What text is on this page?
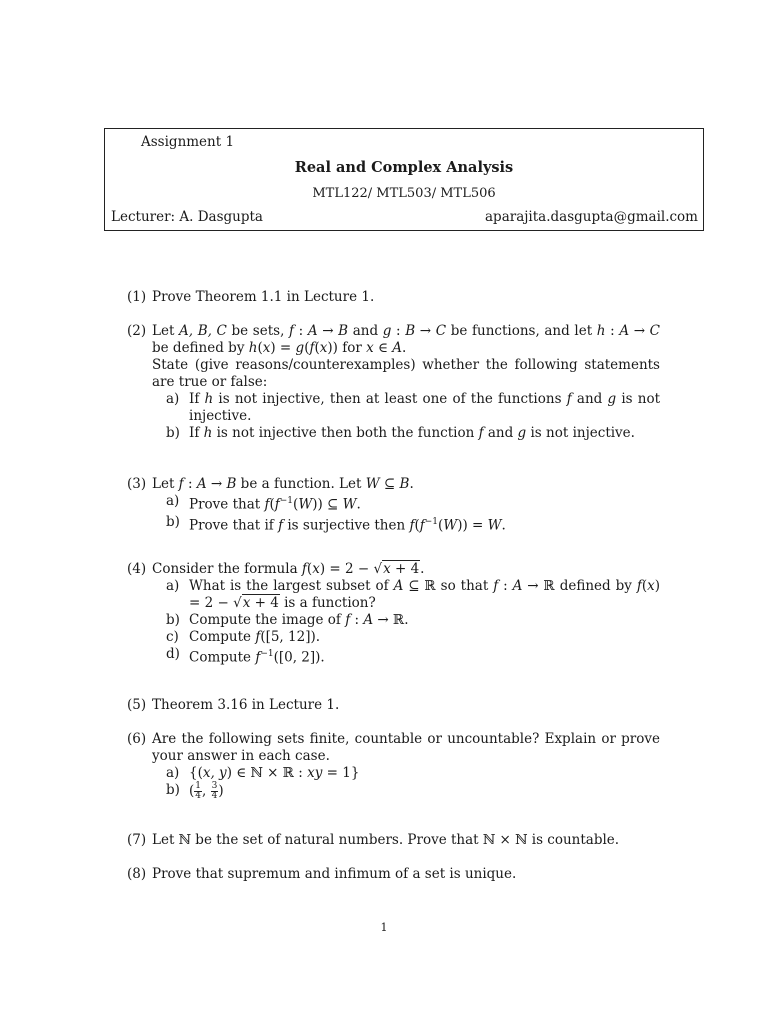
Assignment 1
Real and Complex Analysis
MTL122/ MTL503/ MTL506
Lecturer: A. Dasgupta	aparajita.dasgupta@gmail.com
(1) Prove Theorem 1.1 in Lecture 1.
(2) Let A, B, C be sets, f : A → B and g : B → C be functions, and let h : A → C be defined by h(x) = g(f(x)) for x ∈ A.
State (give reasons/counterexamples) whether the following statements are true or false:
a) If h is not injective, then at least one of the functions f and g is not injective.
b) If h is not injective then both the function f and g is not injective.
(3) Let f : A → B be a function. Let W ⊆ B.
a) Prove that $f(f^{-1}(W))$ ⊆ W.
b) Prove that if f is surjective then $f(f^{-1}(W)) = W$.
(4) Consider the formula f(x) = 2 − √x + 4.
a) What is the largest subset of A ⊆ ℝ so that f : A → ℝ defined by f(x) = 2 − √x + 4 is a function?
b) Compute the image of f : A → ℝ.
c) Compute f([5, 12]).
d) Compute $f^{-1}([0$, 2]).
(5) Theorem 3.16 in Lecture 1.
(6) Are the following sets finite, countable or uncountable? Explain or prove your answer in each case.
a) {(x, y) ∈ ℕ × ℝ : xy = 1}
b) ( $\frac{1}{4}$ , $\frac{3}{4}$ )
(7) Let ℕ be the set of natural numbers. Prove that ℕ × ℕ is countable.
(8) Prove that supremum and infimum of a set is unique.
1
